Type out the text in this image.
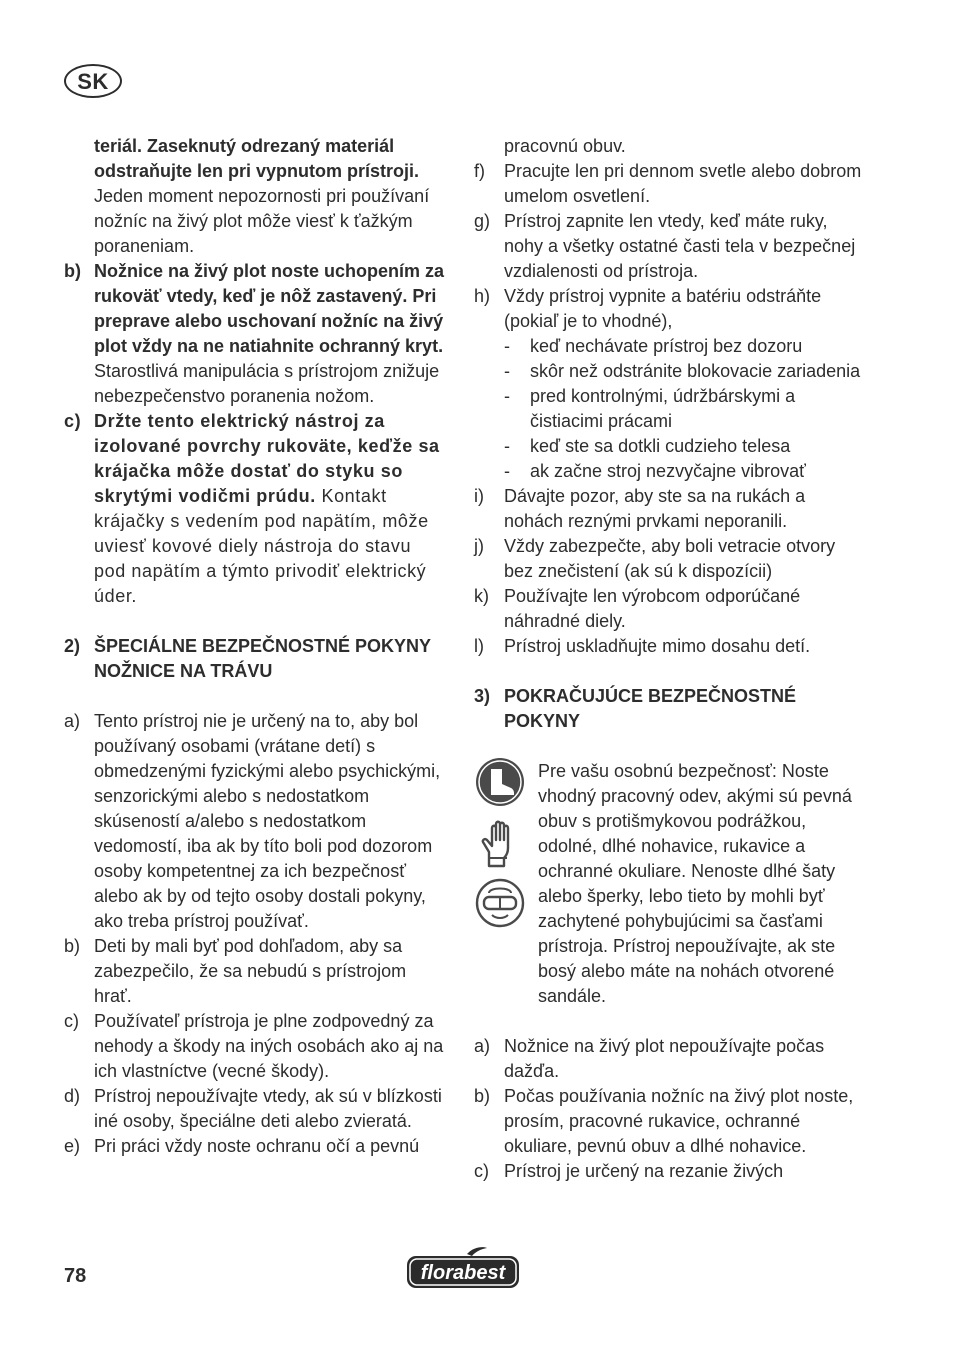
SK
teriál. Zaseknutý odrezaný materiál odstraňujte len pri vypnutom prístroji. Jeden moment nepozornosti pri používaní nožníc na živý plot môže viesť k ťažkým poraneniam.
b) Nožnice na živý plot noste uchopením za rukoväť vtedy, keď je nôž zastavený. Pri preprave alebo uschovaní nožníc na živý plot vždy na ne natiahnite ochranný kryt. Starostlivá manipulácia s prístrojom znižuje nebezpečenstvo poranenia nožom.
c) Držte tento elektrický nástroj za izolované povrchy rukoväte, keďže sa krájačka môže dostať do styku so skrytými vodičmi prúdu. Kontakt krájačky s vedením pod napätím, môže uviesť kovové diely nástroja do stavu pod napätím a týmto privodiť elektrický úder.
2) ŠPECIÁLNE BEZPEČNOSTNÉ POKYNY NOŽNICE NA TRÁVU
a) Tento prístroj nie je určený na to, aby bol používaný osobami (vrátane detí) s obmedzenými fyzickými alebo psychickými, senzorickými alebo s nedostatkom skúseností a/alebo s nedostatkom vedomostí, iba ak by títo boli pod dozorom osoby kompetentnej za ich bezpečnosť alebo ak by od tejto osoby dostali pokyny, ako treba prístroj používať.
b) Deti by mali byť pod dohľadom, aby sa zabezpečilo, že sa nebudú s prístrojom hrať.
c) Používateľ prístroja je plne zodpovedný za nehody a škody na iných osobách ako aj na ich vlastníctve (vecné škody).
d) Prístroj nepoužívajte vtedy, ak sú v blízkosti iné osoby, špeciálne deti alebo zvieratá.
e) Pri práci vždy noste ochranu očí a pevnú
pracovnú obuv.
f)	Pracujte len pri dennom svetle alebo dobrom umelom osvetlení.
g) Prístroj zapnite len vtedy, keď máte ruky, nohy a všetky ostatné časti tela v bezpečnej vzdialenosti od prístroja.
h) Vždy prístroj vypnite a batériu odstráňte (pokiaľ je to vhodné),
-	keď nechávate prístroj bez dozoru
-	skôr než odstránite blokovacie zariadenia
-	pred kontrolnými, údržbárskymi a čistiacimi prácami
-	keď ste sa dotkli cudzieho telesa
-	ak začne stroj nezvyčajne vibrovať
i)	Dávajte pozor, aby ste sa na rukách a nohách reznými prvkami neporanili.
j)	Vždy zabezpečte, aby boli vetracie otvory bez znečistení (ak sú k dispozícii)
k) Používajte len výrobcom odporúčané náhradné diely.
l)	Prístroj uskladňujte mimo dosahu detí.
3) POKRAČUJÚCE BEZPEČNOSTNÉ POKYNY
Pre vašu osobnú bezpečnosť: Noste vhodný pracovný odev, akými sú pevná obuv s protišmykovou podrážkou, odolné, dlhé nohavice, rukavice a ochranné okuliare. Nenoste dlhé šaty alebo šperky, lebo tieto by mohli byť zachytené pohybujúcimi sa časťami prístroja. Prístroj nepoužívajte, ak ste bosý alebo máte na nohách otvorené sandále.
a) Nožnice na živý plot nepoužívajte počas dažďa.
b) Počas používania nožníc na živý plot noste, prosím, pracovné rukavice, ochranné okuliare, pevnú obuv a dlhé nohavice.
c) Prístroj je určený na rezanie živých
78	florabest
